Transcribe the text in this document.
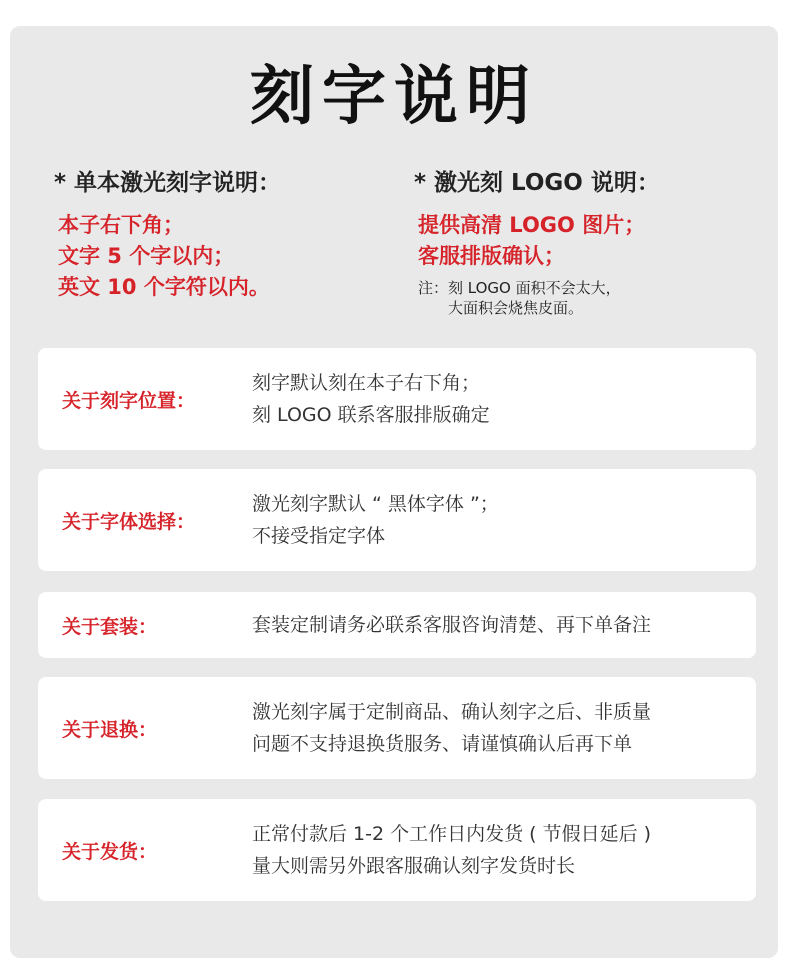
刻字说明
* 单本激光刻字说明：
本子右下角；
文字 5 个字以内；
英文 10 个字符以内。
* 激光刻 LOGO 说明：
提供高清 LOGO 图片；
客服排版确认；
注： 刻 LOGO 面积不会太大，
大面积会烧焦皮面。
关于刻字位置：
刻字默认刻在本子右下角；
刻 LOGO 联系客服排版确定
关于字体选择：
激光刻字默认 “ 黑体字体 ”；
不接受指定字体
关于套装：	套装定制请务必联系客服咨询清楚、再下单备注
关于退换：
激光刻字属于定制商品、确认刻字之后、非质量
问题不支持退换货服务、请谨慎确认后再下单
关于发货：
正常付款后 1-2 个工作日内发货 ( 节假日延后 )
量大则需另外跟客服确认刻字发货时长
